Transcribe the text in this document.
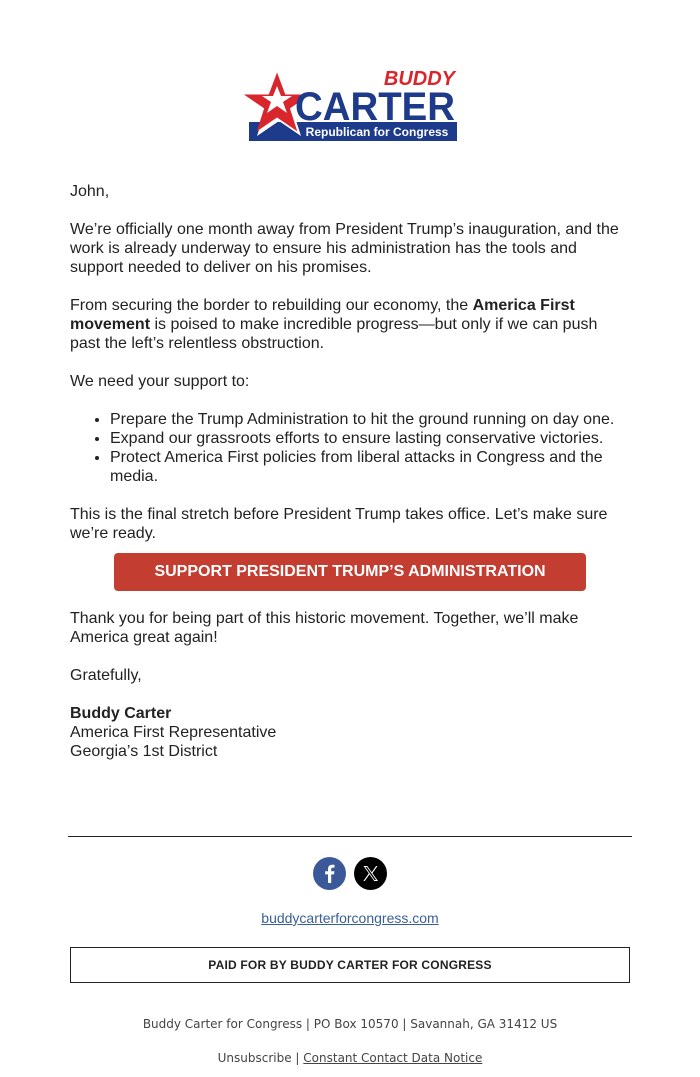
BUDDY
CARTER
Republican for Congress

John,

We’re officially one month away from President Trump’s inauguration, and the work is already underway to ensure his administration has the tools and support needed to deliver on his promises.

From securing the border to rebuilding our economy, the America First movement is poised to make incredible progress—but only if we can push past the left’s relentless obstruction.

We need your support to:

• Prepare the Trump Administration to hit the ground running on day one.
• Expand our grassroots efforts to ensure lasting conservative victories.
• Protect America First policies from liberal attacks in Congress and the media.

This is the final stretch before President Trump takes office. Let’s make sure we’re ready.

SUPPORT PRESIDENT TRUMP’S ADMINISTRATION

Thank you for being part of this historic movement. Together, we’ll make America great again!

Gratefully,

Buddy Carter
America First Representative
Georgia’s 1st District
buddycarterforcongress.com
PAID FOR BY BUDDY CARTER FOR CONGRESS
Buddy Carter for Congress | PO Box 10570 | Savannah, GA 31412 US
Unsubscribe | Constant Contact Data Notice
